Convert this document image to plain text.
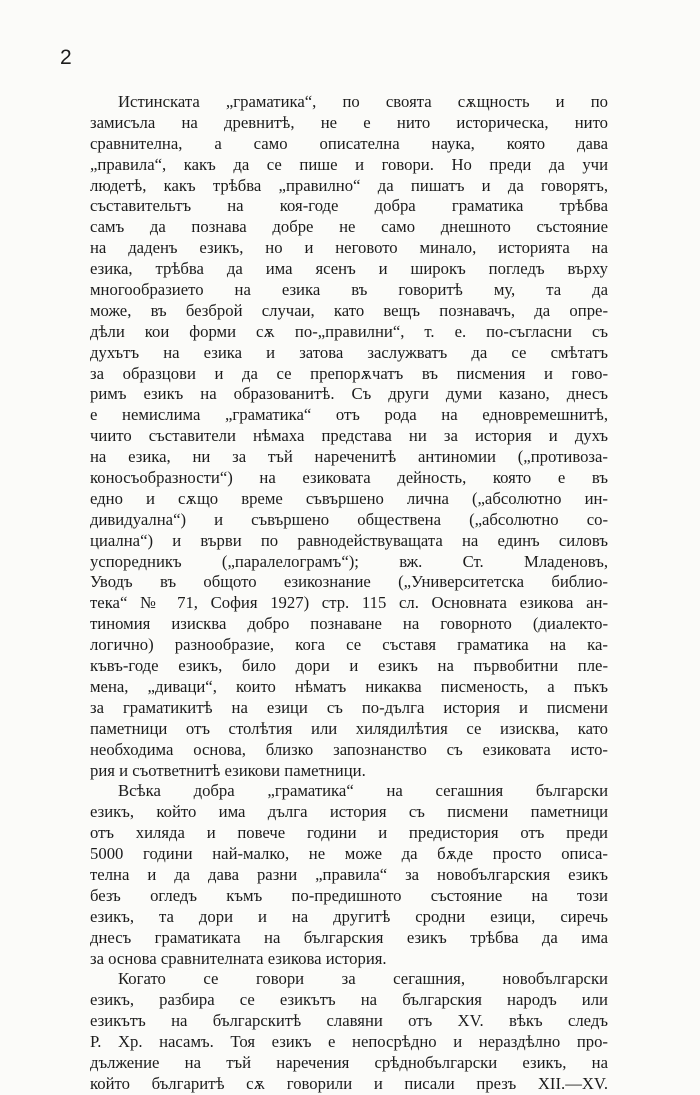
2
Истинската „граматика“, по своята сѫщность и по
замисъла на древнитѣ, не е нито историческа, нито
сравнителна, а само описателна наука, която дава
„правила“, какъ да се пише и говори. Но преди да учи
людетѣ, какъ трѣбва „правилно“ да пишатъ и да говорятъ,
съставительтъ на коя-годе добра граматика трѣбва
самъ да познава добре не само днешното състояние
на даденъ езикъ, но и неговото минало, историята на
езика, трѣбва да има ясенъ и широкъ погледъ върху
многообразието на езика въ говоритѣ му, та да
може, въ безброй случаи, като вещъ познавачъ, да опре-
дѣли кои форми сѫ по-„правилни“, т. е. по-съгласни съ
духътъ на езика и затова заслужватъ да се смѣтатъ
за образцови и да се препорѫчатъ въ писмения и гово-
римъ езикъ на образованитѣ. Съ други думи казано, днесъ
е немислима „граматика“ отъ рода на едновремешнитѣ,
чиито съставители нѣмаха представа ни за история и духъ
на езика, ни за тъй нареченитѣ антиномии („противоза-
коносъобразности“) на езиковата дейность, която е въ
едно и сѫщо време съвършено лична („абсолютно ин-
дивидуална“) и съвършено обществена („абсолютно со-
циална“) и върви по равнодействуващата на единъ силовъ
успоредникъ („паралелограмъ“); вж. Ст. Младеновъ,
Уводъ въ общото езикознание („Университетска библио-
тека“ № 71, София 1927) стр. 115 сл. Основната езикова ан-
тиномия изисква добро познаване на говорното (диалекто-
логично) разнообразие, кога се съставя граматика на ка-
къвъ-годе езикъ, било дори и езикъ на първобитни пле-
мена, „диваци“, които нѣматъ никаква писменость, а пъкъ
за граматикитѣ на езици съ по-дълга история и писмени
паметници отъ столѣтия или хилядилѣтия се изисква, като
необходима основа, близко запознанство съ езиковата исто-
рия и съответнитѣ езикови паметници.
Всѣка добра „граматика“ на сегашния български
езикъ, който има дълга история съ писмени паметници
отъ хиляда и повече години и предистория отъ преди
5000 години най-малко, не може да бѫде просто описа-
телна и да дава разни „правила“ за новобългарския езикъ
безъ огледъ къмъ по-предишното състояние на този
езикъ, та дори и на другитѣ сродни езици, сиречь
днесъ граматиката на българския езикъ трѣбва да има
за основа сравнителната езикова история.
Когато се говори за сегашния, новобългарски
езикъ, разбира се езикътъ на българския народъ или
езикътъ на българскитѣ славяни отъ XV. вѣкъ следъ
Р. Хр. насамъ. Тоя езикъ е непосрѣдно и нераздѣлно про-
дължение на тъй наречения срѣднобългарски езикъ, на
който българитѣ сѫ говорили и писали презъ XII.—XV.
